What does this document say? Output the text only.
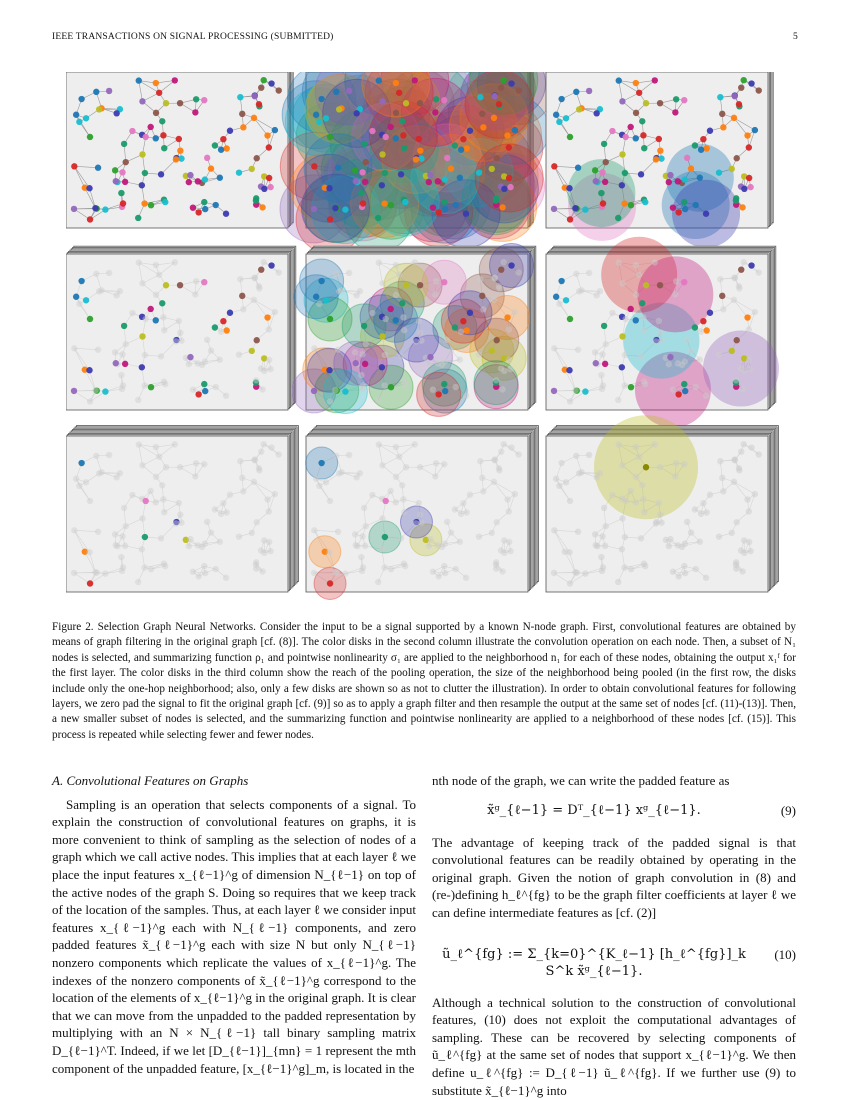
IEEE TRANSACTIONS ON SIGNAL PROCESSING (SUBMITTED)	5
Figure 2. Selection Graph Neural Networks. Consider the input to be a signal supported by a known N-node graph. First, convolutional features are obtained by means of graph filtering in the original graph [cf. (8)]. The color disks in the second column illustrate the convolution operation on each node. Then, a subset of N₁ nodes is selected, and summarizing function ρ₁ and pointwise nonlinearity σ₁ are applied to the neighborhood n₁ for each of these nodes, obtaining the output x₁ᶠ for the first layer. The color disks in the third column show the reach of the pooling operation, the size of the neighborhood being pooled (in the first row, the disks include only the one-hop neighborhood; also, only a few disks are shown so as not to clutter the illustration). In order to obtain convolutional features for following layers, we zero pad the signal to fit the original graph [cf. (9)] so as to apply a graph filter and then resample the output at the same set of nodes [cf. (11)-(13)]. Then, a new smaller subset of nodes is selected, and the summarizing function and pointwise nonlinearity are applied to a neighborhood of these nodes [cf. (15)]. This process is repeated while selecting fewer and fewer nodes.

A. Convolutional Features on Graphs

Sampling is an operation that selects components of a signal. To explain the construction of convolutional features on graphs, it is more convenient to think of sampling as the selection of nodes of a graph which we call active nodes. This implies that at each layer ℓ we place the input features x_{ℓ−1}^g of dimension N_{ℓ−1} on top of the active nodes of the graph S. Doing so requires that we keep track of the location of the samples. Thus, at each layer ℓ we consider input features x_{ℓ−1}^g each with N_{ℓ−1} components, and zero padded features x̃_{ℓ−1}^g each with size N but only N_{ℓ−1} nonzero components which replicate the values of x_{ℓ−1}^g. The indexes of the nonzero components of x̃_{ℓ−1}^g correspond to the location of the elements of x_{ℓ−1}^g in the original graph. It is clear that we can move from the unpadded to the padded representation by multiplying with an N × N_{ℓ−1} tall binary sampling matrix D_{ℓ−1}^T. Indeed, if we let [D_{ℓ−1}]_{mn} = 1 represent the mth component of the unpadded feature, [x_{ℓ−1}^g]_m, is located in the

nth node of the graph, we can write the padded feature as

x̃ᵍ_{ℓ−1} = Dᵀ_{ℓ−1} xᵍ_{ℓ−1}.	(9)

The advantage of keeping track of the padded signal is that convolutional features can be readily obtained by operating in the original graph. Given the notion of graph convolution in (8) and (re-)defining h_ℓ^{fg} to be the graph filter coefficients at layer ℓ we can define intermediate features as [cf. (2)]

ũ_ℓ^{fg} := Σ_{k=0}^{K_ℓ−1} [h_ℓ^{fg}]_k S^k x̃ᵍ_{ℓ−1}.
(10)

Although a technical solution to the construction of convolutional features, (10) does not exploit the computational advantages of sampling. These can be recovered by selecting components of ũ_ℓ^{fg} at the same set of nodes that support x_{ℓ−1}^g. We then define u_ℓ^{fg} := D_{ℓ−1} ũ_ℓ^{fg}. If we further use (9) to substitute x̃_{ℓ−1}^g into
